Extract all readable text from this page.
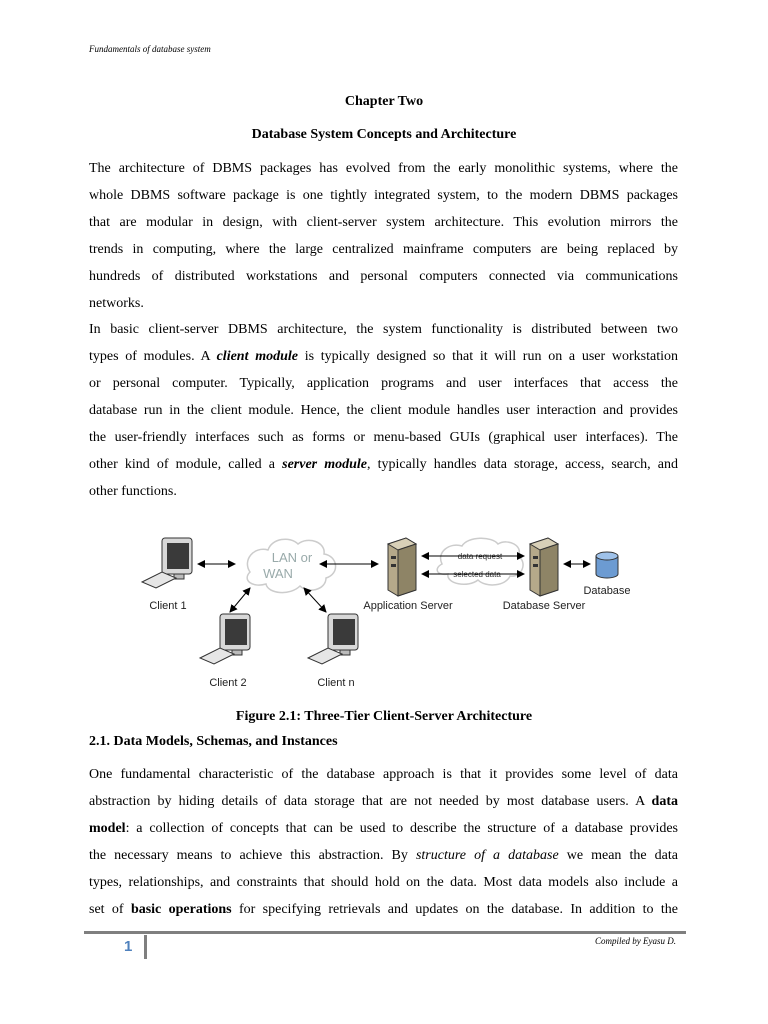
Fundamentals of database system
Chapter Two
Database System Concepts and Architecture
The architecture of DBMS packages has evolved from the early monolithic systems, where the
whole DBMS software package is one tightly integrated system, to the modern DBMS packages
that are modular in design, with client-server system architecture. This evolution mirrors the
trends in computing, where the large centralized mainframe computers are being replaced by
hundreds of distributed workstations and personal computers connected via communications
networks.
In basic client-server DBMS architecture, the system functionality is distributed between two
types of modules. A client module is typically designed so that it will run on a user workstation
or personal computer. Typically, application programs and user interfaces that access the
database run in the client module. Hence, the client module handles user interaction and provides
the user-friendly interfaces such as forms or menu-based GUIs (graphical user interfaces). The
other kind of module, called a server module, typically handles data storage, access, search, and
other functions.
LAN or
WAN
data request
selected data
Client 1
Client 2	Client n
Application Server	Database Server
Database
Figure 2.1: Three-Tier Client-Server Architecture
2.1. Data Models, Schemas, and Instances
One fundamental characteristic of the database approach is that it provides some level of data
abstraction by hiding details of data storage that are not needed by most database users. A data
model: a collection of concepts that can be used to describe the structure of a database provides
the necessary means to achieve this abstraction. By structure of a database we mean the data
types, relationships, and constraints that should hold on the data. Most data models also include a
set of basic operations for specifying retrievals and updates on the database. In addition to the
1	Compiled by Eyasu D.
